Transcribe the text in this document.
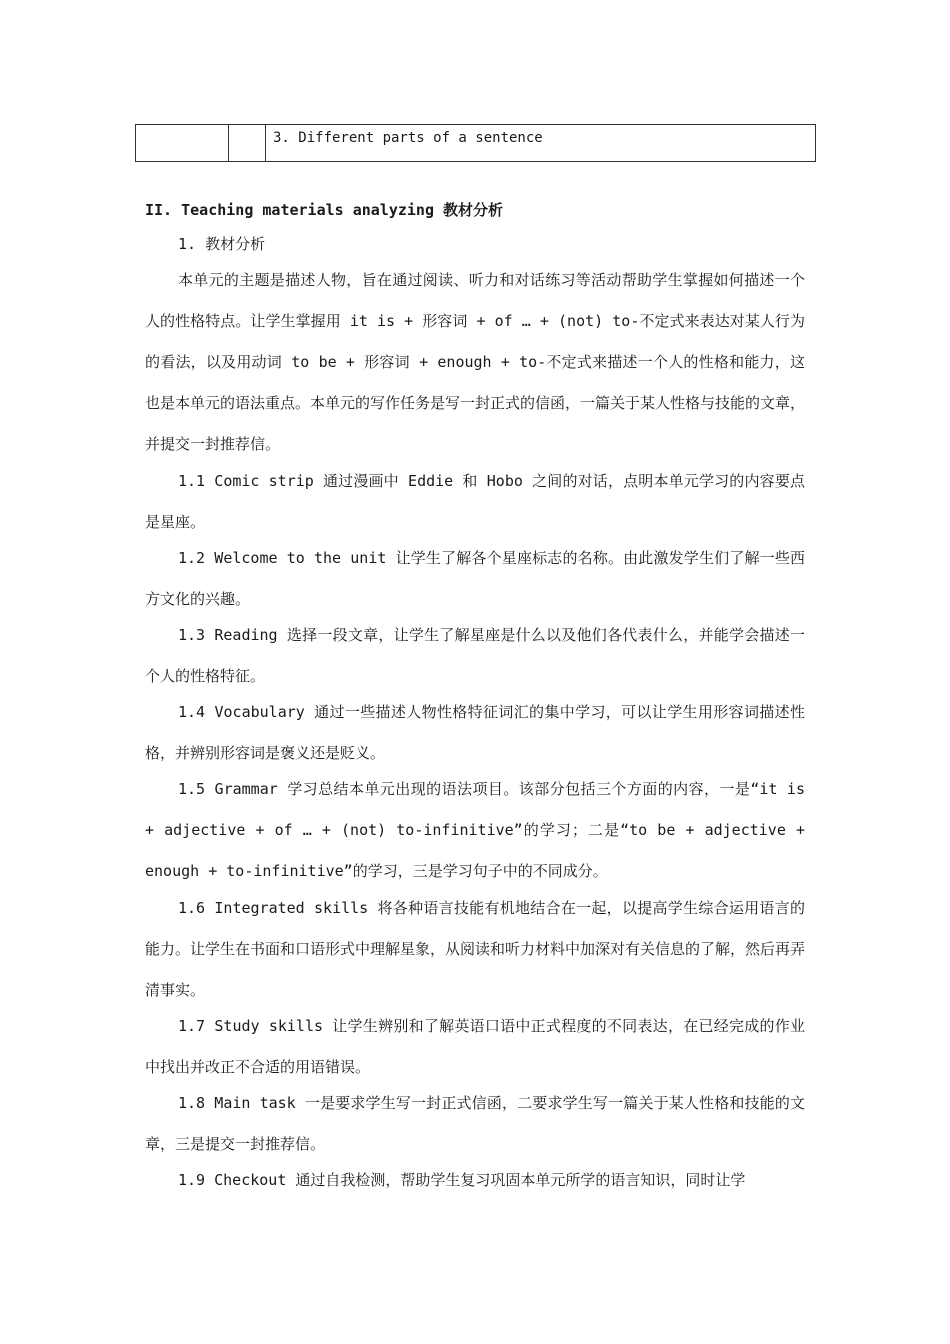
		3. Different parts of a sentence
II. Teaching materials analyzing 教材分析
1. 教材分析

本单元的主题是描述人物，旨在通过阅读、听力和对话练习等活动帮助学生掌握如何描述一个人的性格特点。让学生掌握用 it is + 形容词 + of … + (not) to-不定式来表达对某人行为的看法，以及用动词 to be + 形容词 + enough + to-不定式来描述一个人的性格和能力，这也是本单元的语法重点。本单元的写作任务是写一封正式的信函，一篇关于某人性格与技能的文章，并提交一封推荐信。

1.1 Comic strip 通过漫画中 Eddie 和 Hobo 之间的对话，点明本单元学习的内容要点是星座。

1.2 Welcome to the unit 让学生了解各个星座标志的名称。由此激发学生们了解一些西方文化的兴趣。

1.3 Reading 选择一段文章，让学生了解星座是什么以及他们各代表什么，并能学会描述一个人的性格特征。

1.4 Vocabulary 通过一些描述人物性格特征词汇的集中学习，可以让学生用形容词描述性格，并辨别形容词是褒义还是贬义。

1.5 Grammar 学习总结本单元出现的语法项目。该部分包括三个方面的内容，一是“it is + adjective + of … + (not) to-infinitive”的学习；二是“to be + adjective + enough + to-infinitive”的学习，三是学习句子中的不同成分。

1.6 Integrated skills 将各种语言技能有机地结合在一起，以提高学生综合运用语言的能力。让学生在书面和口语形式中理解星象，从阅读和听力材料中加深对有关信息的了解，然后再弄清事实。

1.7 Study skills 让学生辨别和了解英语口语中正式程度的不同表达，在已经完成的作业中找出并改正不合适的用语错误。

1.8 Main task 一是要求学生写一封正式信函，二要求学生写一篇关于某人性格和技能的文章，三是提交一封推荐信。

1.9 Checkout 通过自我检测，帮助学生复习巩固本单元所学的语言知识，同时让学
